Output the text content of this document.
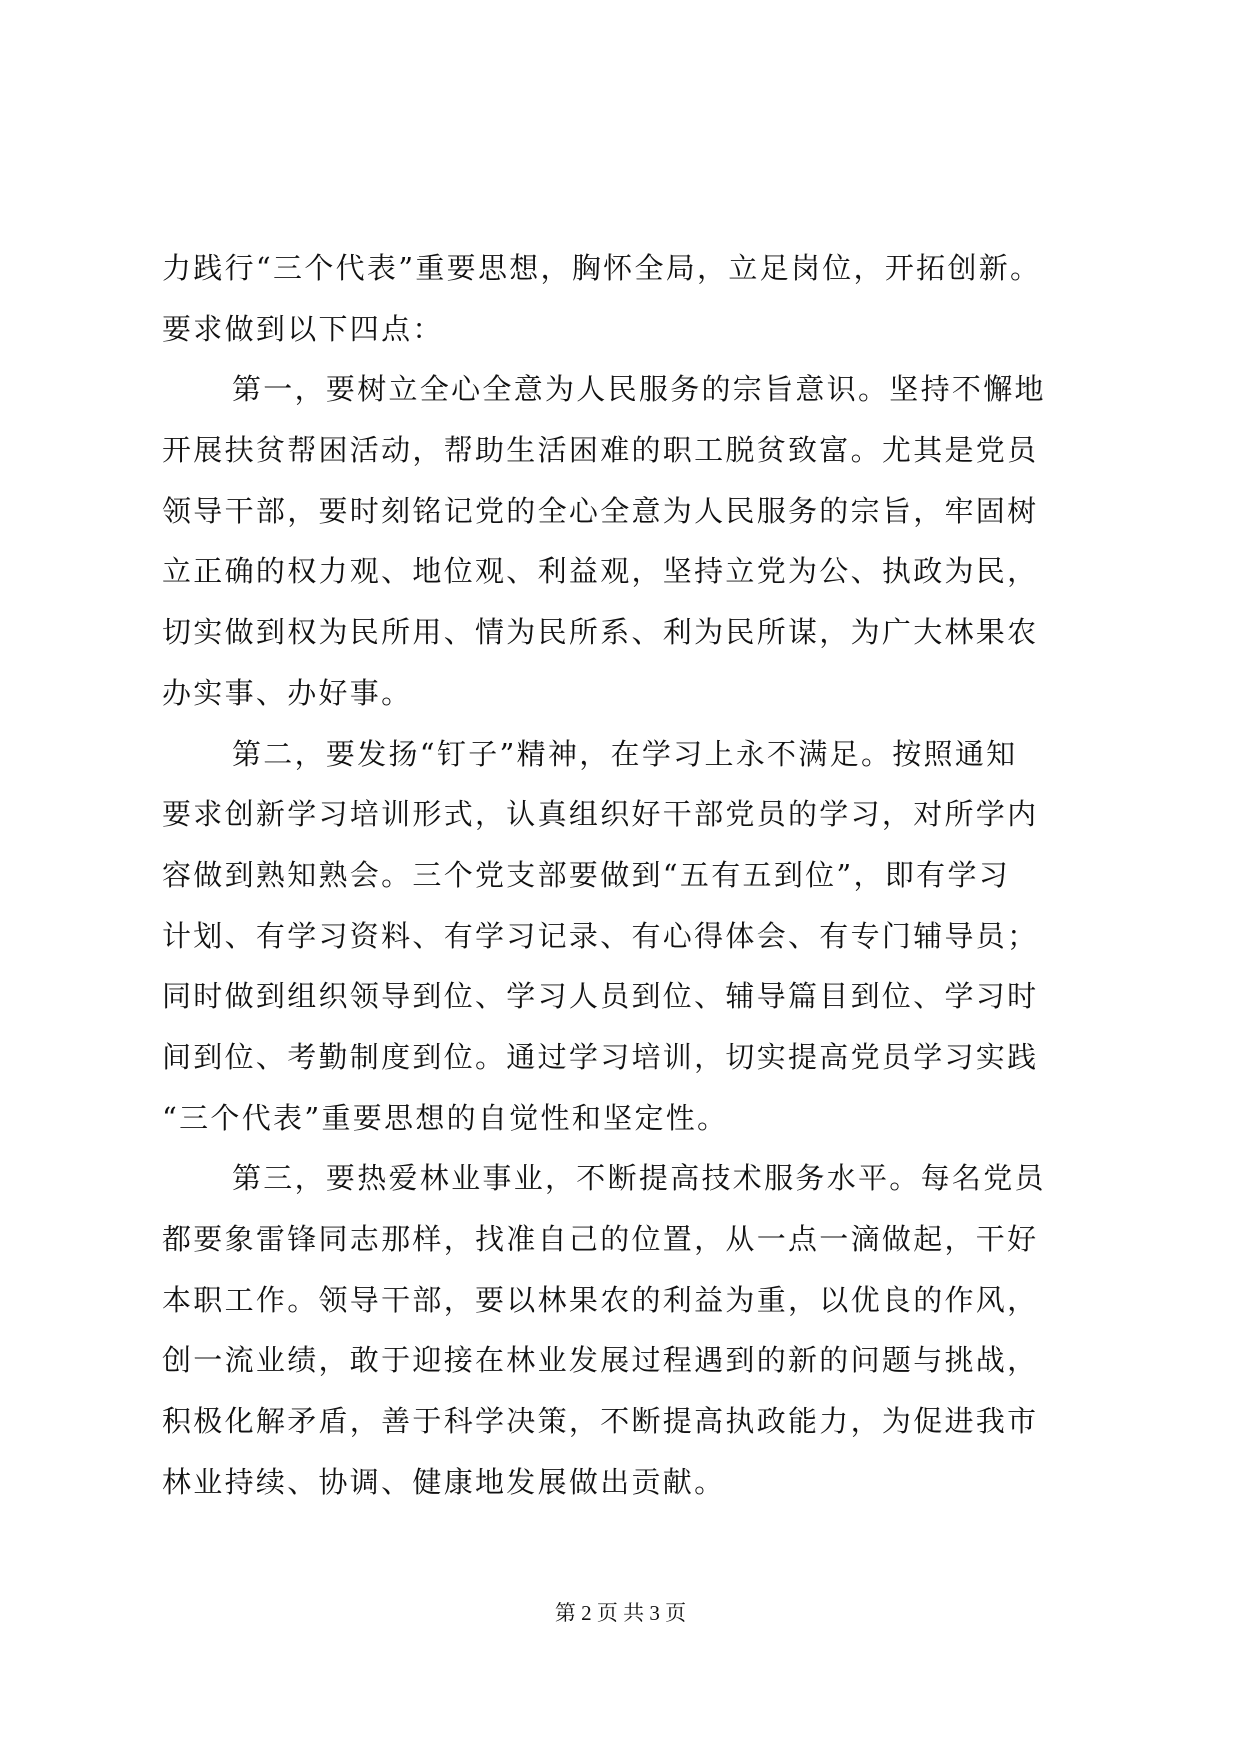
力践行“三个代表”重要思想，胸怀全局，立足岗位，开拓创新。
要求做到以下四点：
第一，要树立全心全意为人民服务的宗旨意识。坚持不懈地
开展扶贫帮困活动，帮助生活困难的职工脱贫致富。尤其是党员
领导干部，要时刻铭记党的全心全意为人民服务的宗旨，牢固树
立正确的权力观、地位观、利益观，坚持立党为公、执政为民，
切实做到权为民所用、情为民所系、利为民所谋，为广大林果农
办实事、办好事。
第二，要发扬“钉子”精神，在学习上永不满足。按照通知
要求创新学习培训形式，认真组织好干部党员的学习，对所学内
容做到熟知熟会。三个党支部要做到“五有五到位”，即有学习
计划、有学习资料、有学习记录、有心得体会、有专门辅导员；
同时做到组织领导到位、学习人员到位、辅导篇目到位、学习时
间到位、考勤制度到位。通过学习培训，切实提高党员学习实践
“三个代表”重要思想的自觉性和坚定性。
第三，要热爱林业事业，不断提高技术服务水平。每名党员
都要象雷锋同志那样，找准自己的位置，从一点一滴做起，干好
本职工作。领导干部，要以林果农的利益为重，以优良的作风，
创一流业绩，敢于迎接在林业发展过程遇到的新的问题与挑战，
积极化解矛盾，善于科学决策，不断提高执政能力，为促进我市
林业持续、协调、健康地发展做出贡献。
第 2 页 共 3 页
